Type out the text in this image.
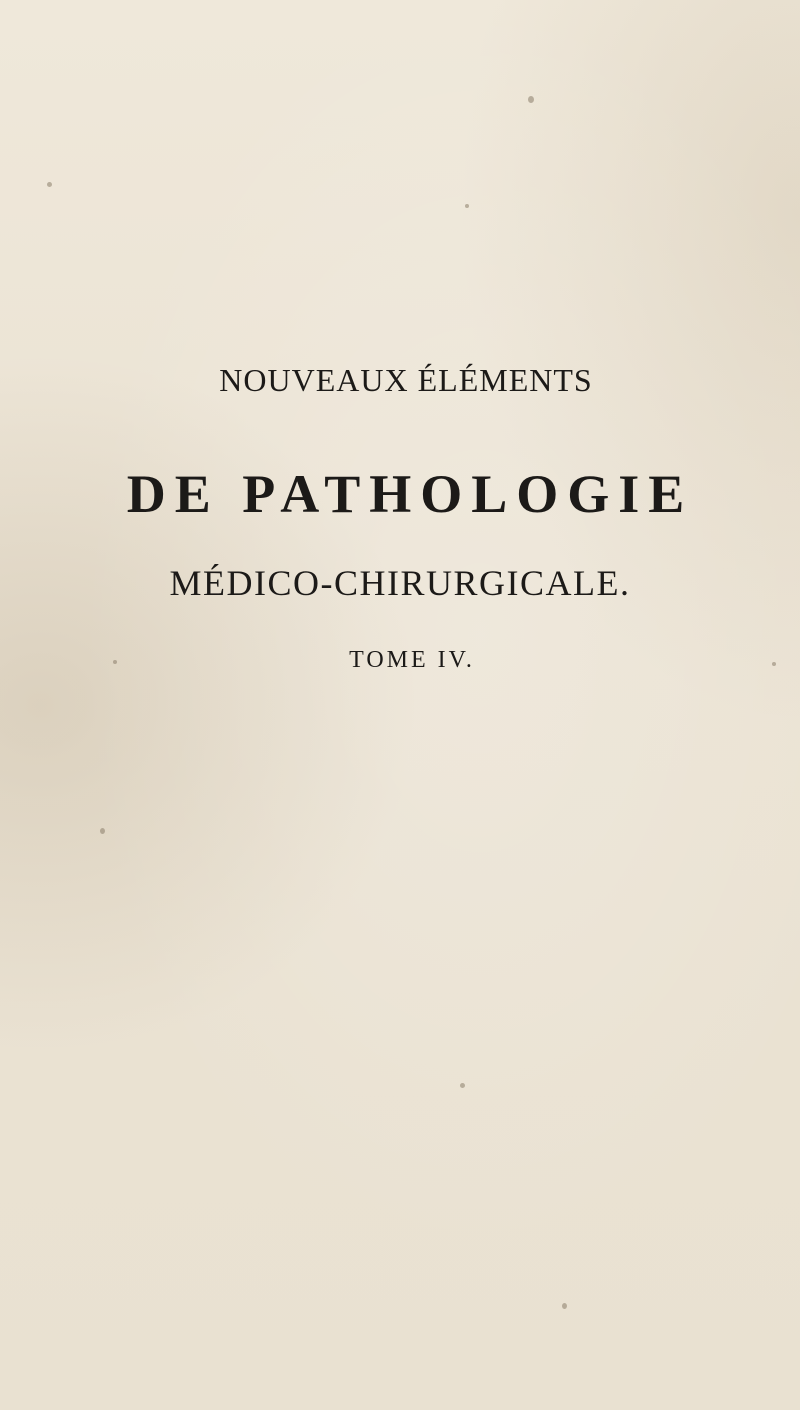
NOUVEAUX ÉLÉMENTS
DE PATHOLOGIE
MÉDICO-CHIRURGICALE.
TOME IV.
